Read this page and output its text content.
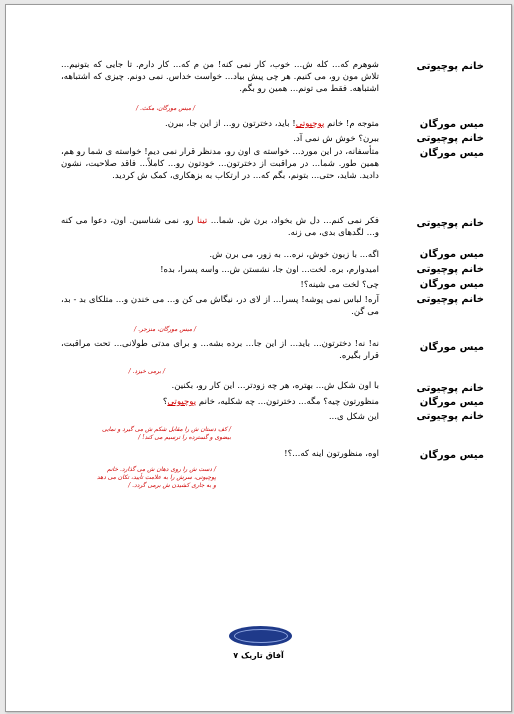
خانم پوچیوتی
شوهرم که... کله ش... خوب، کار نمی کنه! من م که... کار دارم. تا جایی که بتونیم... تلاش مون رو، می کنیم. هر چی پیش بیاد... خواست خداس. نمی دونم. چیزی که اشتباهه، اشتباهه. فقط می تونم... همین رو بگم.
/ میس مورگان، مکث. /
میس مورگان
متوجه م! خانم پوچیوتی! باید، دخترتون رو... از این جا، ببرن.
خانم پوچیوتی
ببرن؟ خوش ش نمی آد.
میس مورگان
متأسفانه، در این مورد... خواسته ی اون رو، مدنظر قرار نمی دیم! خواسته ی شما رو هم، همین طور. شما... در مراقبت از دخترتون... خودتون رو... کاملاً... فاقد صلاحیت، نشون دادید. شاید، حتی... بتونم، بگم که... در ارتکاب به بزهکاری، کمک ش کردید.
خانم پوچیوتی
فکر نمی کنم... دل ش بخواد، برن ش. شما... تینا رو، نمی شناسین. اون، دعوا می کنه و... لگدهای بدی، می زنه.
میس مورگان
اگه... با زبون خوش، نره... به زور، می برن ش.
خانم پوچیوتی
امیدوارم، بره. لخت... اون جا، نشستن ش... واسه پسرا، بده!
میس مورگان
چی؟ لخت می شینه؟!
خانم پوچیوتی
آره! لباس نمی پوشه! پسرا... از لای در، نیگاش می کن و... می خندن و... متلکای بد - بد، می گن.
/ میس مورگان، منزجر. /
میس مورگان
نه! نه! دخترتون... باید... از این جا... برده بشه... و برای مدتی طولانی... تحت مراقبت، قرار بگیره.
/ برمی خیزد. /
خانم پوچیوتی
با اون شکل ش... بهتره، هر چه زودتر... این کار رو، بکنین.
میس مورگان
منظورتون چیه؟ مگه... دخترتون... چه شکلیه، خانم پوچیوتی؟
خانم پوچیوتی
این شکل ی...
/ کف دستان ش را مقابل شکم ش می گیرد و نمایی بیضوی و گسترده را ترسیم می کند! /
میس مورگان
اوه، منظورتون اینه که...؟!
/ دست ش را روی دهان ش می گذارد. خانم پوچیوتی، سرش را به علامت تأیید، تکان می دهد و به جاری کشیدن ش برمی گردد. /
آفاق تاریک ۷
